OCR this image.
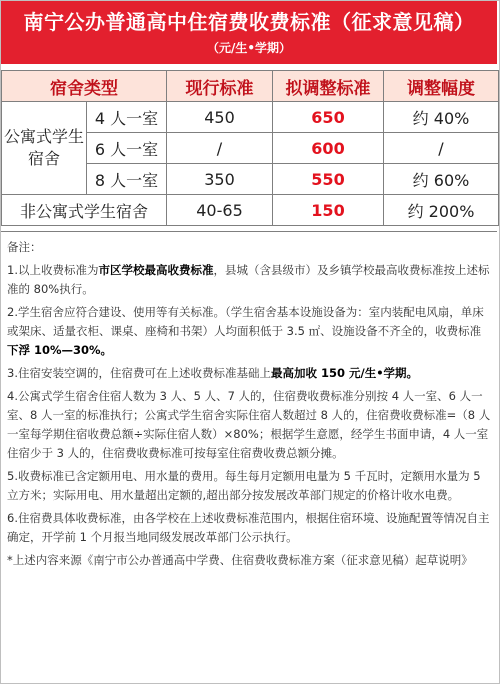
南宁公办普通高中住宿费收费标准（征求意见稿）
（元/生•学期）
宿舍类型		现行标准	拟调整标准	调整幅度
公寓式学生宿舍	4 人一室	450	650	约 40%
	6 人一室	/	600	/
	8 人一室	350	550	约 60%
非公寓式学生宿舍		40-65	150	约 200%

备注：

1.以上收费标准为市区学校最高收费标准，县城（含县级市）及乡镇学校最高收费标准按上述标准的 80%执行。

2.学生宿舍应符合建设、使用等有关标准。（学生宿舍基本设施设备为：室内装配电风扇，单床或架床、适量衣柜、课桌、座椅和书架）人均面积低于 3.5 ㎡、设施设备不齐全的，收费标准下浮 10%—30%。

3.住宿安装空调的，住宿费可在上述收费标准基础上最高加收 150 元/生•学期。

4.公寓式学生宿舍住宿人数为 3 人、5 人、7 人的，住宿费收费标准分别按 4 人一室、6 人一室、8 人一室的标准执行；公寓式学生宿舍实际住宿人数超过 8 人的，住宿费收费标准=（8 人一室每学期住宿收费总额÷实际住宿人数）×80%；根据学生意愿，经学生书面申请，4 人一室住宿少于 3 人的，住宿费收费标准可按每室住宿费收费总额分摊。

5.收费标准已含定额用电、用水量的费用。每生每月定额用电量为 5 千瓦时，定额用水量为 5 立方米；实际用电、用水量超出定额的,超出部分按发展改革部门规定的价格计收水电费。

6.住宿费具体收费标准，由各学校在上述收费标准范围内，根据住宿环境、设施配置等情况自主确定，开学前 1 个月报当地同级发展改革部门公示执行。

*上述内容来源《南宁市公办普通高中学费、住宿费收费标准方案（征求意见稿）起草说明》
